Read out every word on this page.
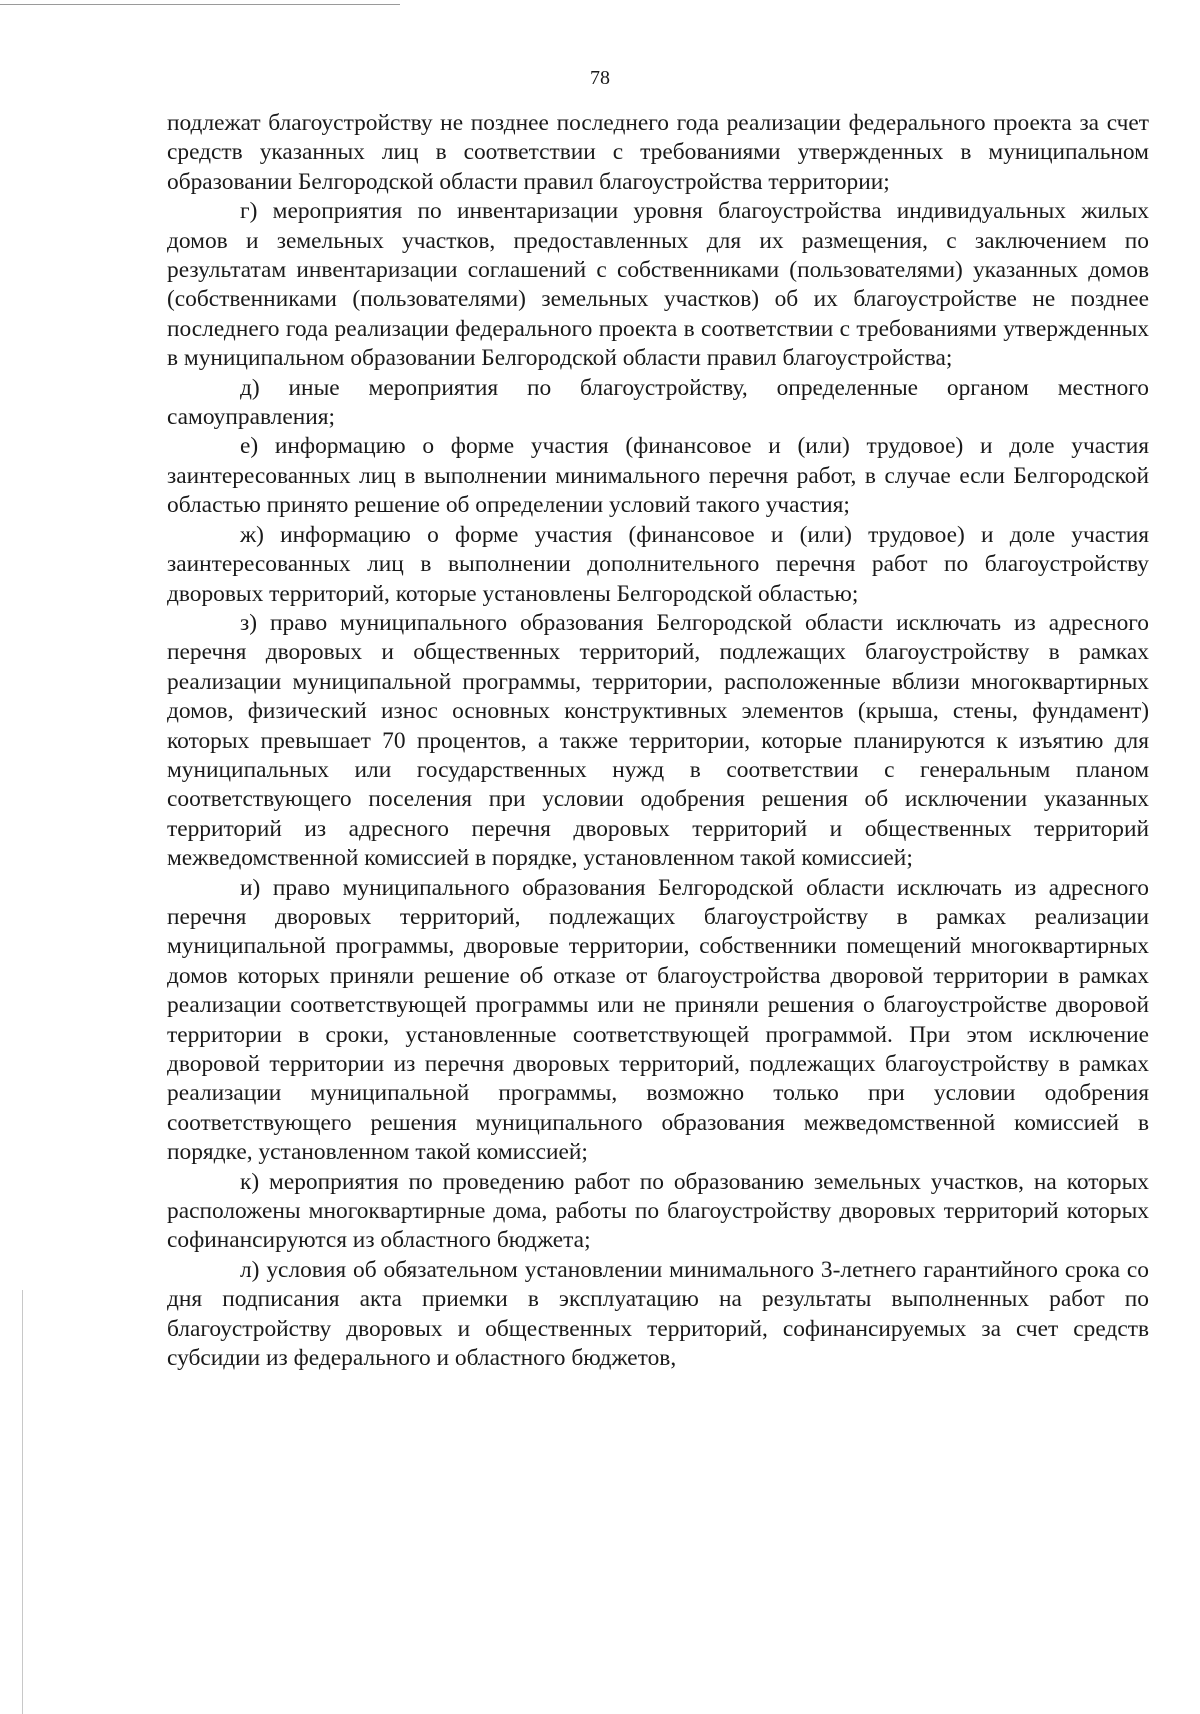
78

подлежат благоустройству не позднее последнего года реализации федерального проекта за счет средств указанных лиц в соответствии с требованиями утвержденных в муниципальном образовании Белгородской области правил благоустройства территории;

г) мероприятия по инвентаризации уровня благоустройства индивидуальных жилых домов и земельных участков, предоставленных для их размещения, с заключением по результатам инвентаризации соглашений с собственниками (пользователями) указанных домов (собственниками (пользователями) земельных участков) об их благоустройстве не позднее последнего года реализации федерального проекта в соответствии с требованиями утвержденных в муниципальном образовании Белгородской области правил благоустройства;

д) иные мероприятия по благоустройству, определенные органом местного самоуправления;

е) информацию о форме участия (финансовое и (или) трудовое) и доле участия заинтересованных лиц в выполнении минимального перечня работ, в случае если Белгородской областью принято решение об определении условий такого участия;

ж) информацию о форме участия (финансовое и (или) трудовое) и доле участия заинтересованных лиц в выполнении дополнительного перечня работ по благоустройству дворовых территорий, которые установлены Белгородской областью;

з) право муниципального образования Белгородской области исключать из адресного перечня дворовых и общественных территорий, подлежащих благоустройству в рамках реализации муниципальной программы, территории, расположенные вблизи многоквартирных домов, физический износ основных конструктивных элементов (крыша, стены, фундамент) которых превышает 70 процентов, а также территории, которые планируются к изъятию для муниципальных или государственных нужд в соответствии с генеральным планом соответствующего поселения при условии одобрения решения об исключении указанных территорий из адресного перечня дворовых территорий и общественных территорий межведомственной комиссией в порядке, установленном такой комиссией;

и) право муниципального образования Белгородской области исключать из адресного перечня дворовых территорий, подлежащих благоустройству в рамках реализации муниципальной программы, дворовые территории, собственники помещений многоквартирных домов которых приняли решение об отказе от благоустройства дворовой территории в рамках реализации соответствующей программы или не приняли решения о благоустройстве дворовой территории в сроки, установленные соответствующей программой. При этом исключение дворовой территории из перечня дворовых территорий, подлежащих благоустройству в рамках реализации муниципальной программы, возможно только при условии одобрения соответствующего решения муниципального образования межведомственной комиссией в порядке, установленном такой комиссией;

к) мероприятия по проведению работ по образованию земельных участков, на которых расположены многоквартирные дома, работы по благоустройству дворовых территорий которых софинансируются из областного бюджета;

л) условия об обязательном установлении минимального 3-летнего гарантийного срока со дня подписания акта приемки в эксплуатацию на результаты выполненных работ по благоустройству дворовых и общественных территорий, софинансируемых за счет средств субсидии из федерального и областного бюджетов,
